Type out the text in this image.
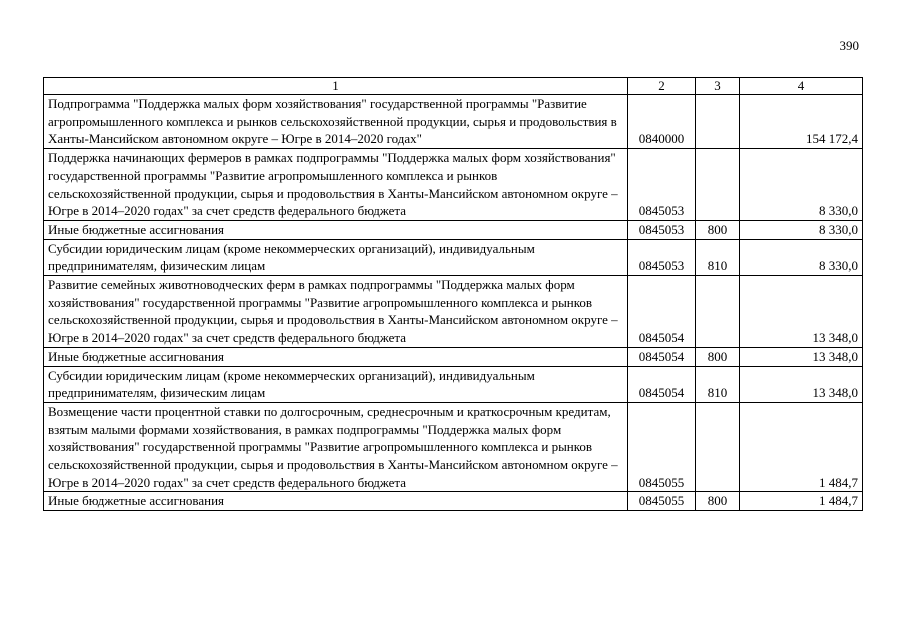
390
1	2	3	4
Подпрограмма "Поддержка малых форм хозяйствования" государственной программы "Развитие агропромышленного комплекса и рынков сельскохозяйственной продукции, сырья и продовольствия в Ханты-Мансийском автономном округе – Югре в 2014–2020 годах"	0840000		154 172,4
Поддержка начинающих фермеров в рамках подпрограммы "Поддержка малых форм хозяйствования" государственной программы "Развитие агропромышленного комплекса и рынков сельскохозяйственной продукции, сырья и продовольствия в Ханты-Мансийском автономном округе – Югре в 2014–2020 годах" за счет средств федерального бюджета	0845053		8 330,0
Иные бюджетные ассигнования	0845053	800	8 330,0
Субсидии юридическим лицам (кроме некоммерческих организаций), индивидуальным предпринимателям, физическим лицам	0845053	810	8 330,0
Развитие семейных животноводческих ферм в рамках подпрограммы "Поддержка малых форм хозяйствования" государственной программы "Развитие агропромышленного комплекса и рынков сельскохозяйственной продукции, сырья и продовольствия в Ханты-Мансийском автономном округе – Югре в 2014–2020 годах" за счет средств федерального бюджета	0845054		13 348,0
Иные бюджетные ассигнования	0845054	800	13 348,0
Субсидии юридическим лицам (кроме некоммерческих организаций), индивидуальным предпринимателям, физическим лицам	0845054	810	13 348,0
Возмещение части процентной ставки по долгосрочным, среднесрочным и краткосрочным кредитам, взятым малыми формами хозяйствования, в рамках подпрограммы "Поддержка малых форм хозяйствования" государственной программы "Развитие агропромышленного комплекса и рынков сельскохозяйственной продукции, сырья и продовольствия в Ханты-Мансийском автономном округе – Югре в 2014–2020 годах" за счет средств федерального бюджета	0845055		1 484,7
Иные бюджетные ассигнования	0845055	800	1 484,7
